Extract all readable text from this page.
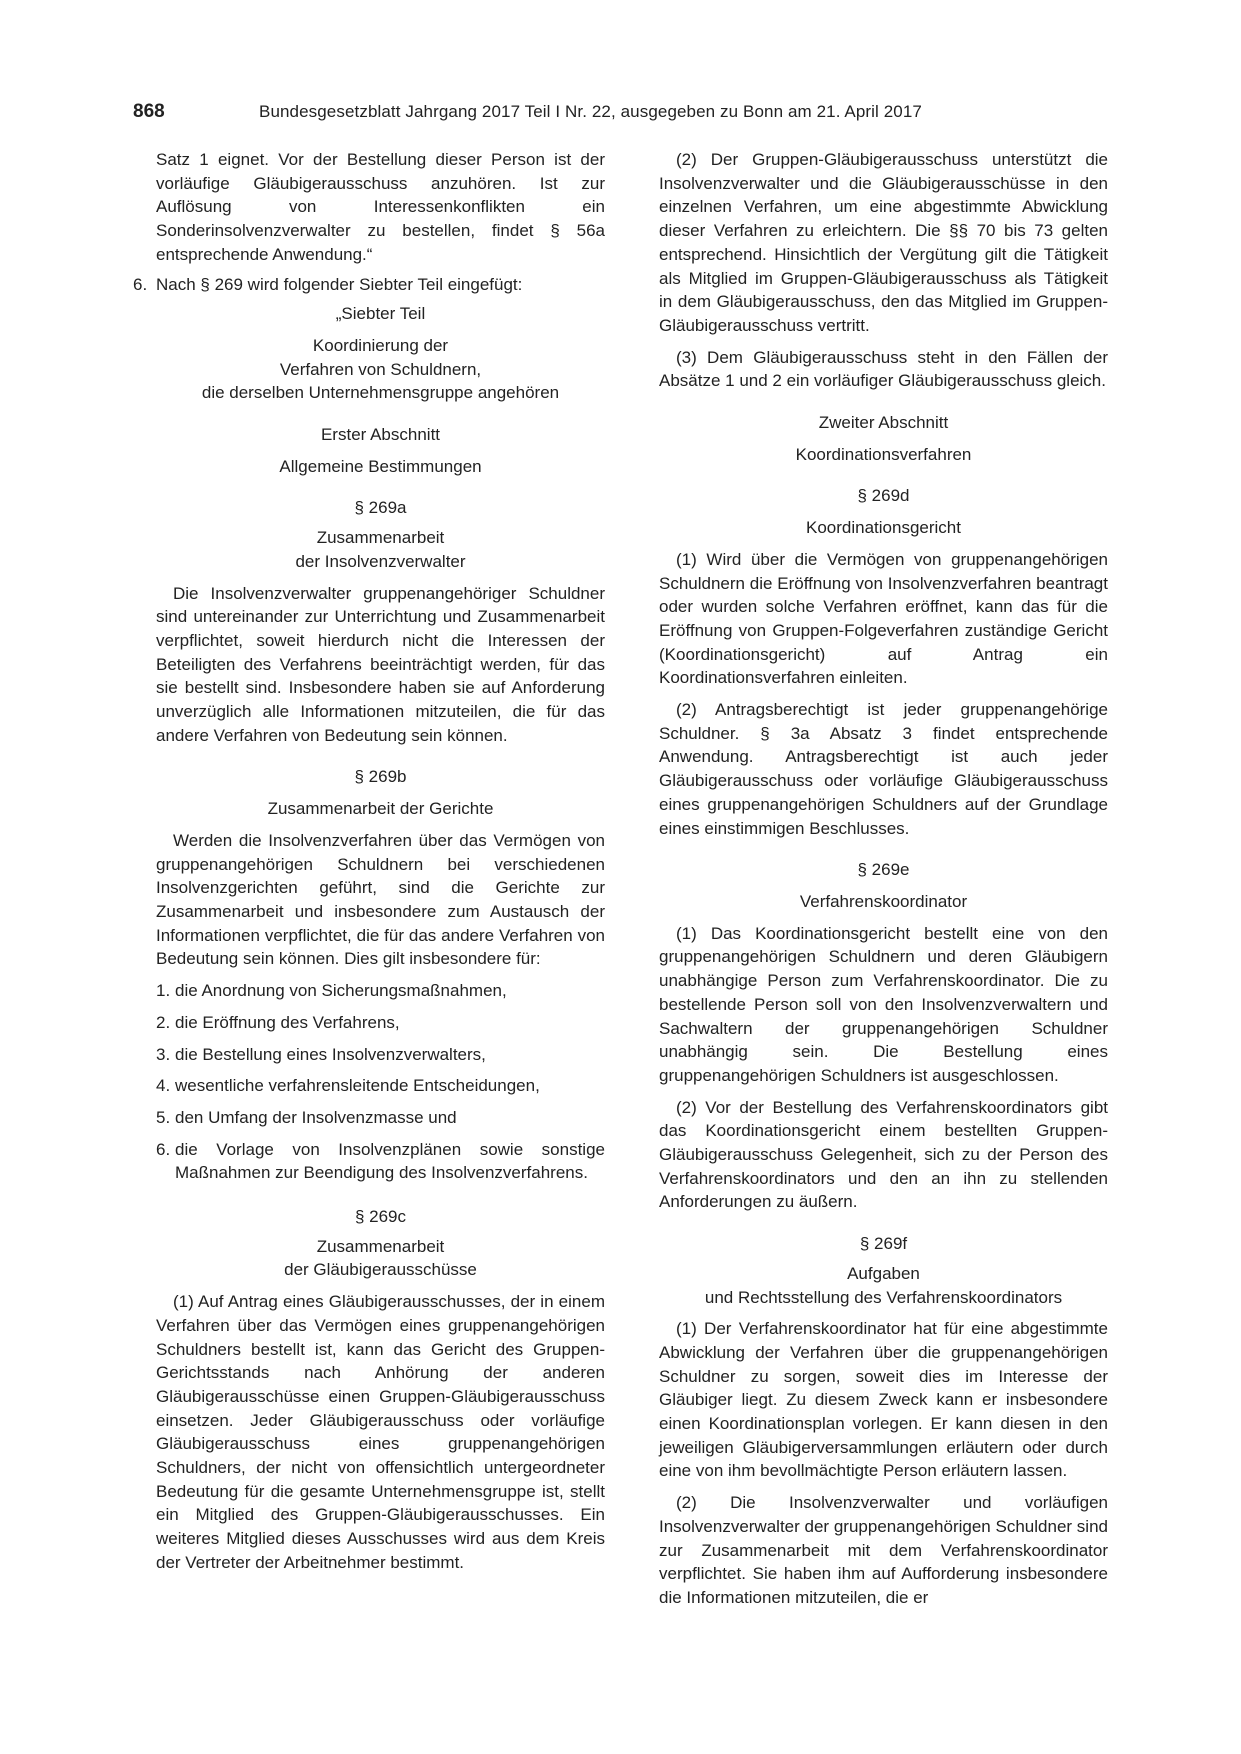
868	Bundesgesetzblatt Jahrgang 2017 Teil I Nr. 22, ausgegeben zu Bonn am 21. April 2017

Satz 1 eignet. Vor der Bestellung dieser Person ist der vorläufige Gläubigerausschuss anzuhören. Ist zur Auflösung von Interessenkonflikten ein Sonderinsolvenzverwalter zu bestellen, findet § 56a entsprechende Anwendung.“

6. Nach § 269 wird folgender Siebter Teil eingefügt:

„Siebter Teil

Koordinierung der

Verfahren von Schuldnern,

die derselben Unternehmensgruppe angehören

Erster Abschnitt

Allgemeine Bestimmungen

§ 269a

Zusammenarbeit

der Insolvenzverwalter

Die Insolvenzverwalter gruppenangehöriger Schuldner sind untereinander zur Unterrichtung und Zusammenarbeit verpflichtet, soweit hierdurch nicht die Interessen der Beteiligten des Verfahrens beeinträchtigt werden, für das sie bestellt sind. Insbesondere haben sie auf Anforderung unverzüglich alle Informationen mitzuteilen, die für das andere Verfahren von Bedeutung sein können.

§ 269b

Zusammenarbeit der Gerichte

Werden die Insolvenzverfahren über das Vermögen von gruppenangehörigen Schuldnern bei verschiedenen Insolvenzgerichten geführt, sind die Gerichte zur Zusammenarbeit und insbesondere zum Austausch der Informationen verpflichtet, die für das andere Verfahren von Bedeutung sein können. Dies gilt insbesondere für:

1. die Anordnung von Sicherungsmaßnahmen,
2. die Eröffnung des Verfahrens,
3. die Bestellung eines Insolvenzverwalters,
4. wesentliche verfahrensleitende Entscheidungen,
5. den Umfang der Insolvenzmasse und
6. die Vorlage von Insolvenzplänen sowie sonstige Maßnahmen zur Beendigung des Insolvenzverfahrens.

§ 269c

Zusammenarbeit

der Gläubigerausschüsse

(1) Auf Antrag eines Gläubigerausschusses, der in einem Verfahren über das Vermögen eines gruppenangehörigen Schuldners bestellt ist, kann das Gericht des Gruppen-Gerichtsstands nach Anhörung der anderen Gläubigerausschüsse einen Gruppen-Gläubigerausschuss einsetzen. Jeder Gläubigerausschuss oder vorläufige Gläubigerausschuss eines gruppenangehörigen Schuldners, der nicht von offensichtlich untergeordneter Bedeutung für die gesamte Unternehmensgruppe ist, stellt ein Mitglied des Gruppen-Gläubigerausschusses. Ein weiteres Mitglied dieses Ausschusses wird aus dem Kreis der Vertreter der Arbeitnehmer bestimmt.

(2) Der Gruppen-Gläubigerausschuss unterstützt die Insolvenzverwalter und die Gläubigerausschüsse in den einzelnen Verfahren, um eine abgestimmte Abwicklung dieser Verfahren zu erleichtern. Die §§ 70 bis 73 gelten entsprechend. Hinsichtlich der Vergütung gilt die Tätigkeit als Mitglied im Gruppen-Gläubigerausschuss als Tätigkeit in dem Gläubigerausschuss, den das Mitglied im Gruppen-Gläubigerausschuss vertritt.

(3) Dem Gläubigerausschuss steht in den Fällen der Absätze 1 und 2 ein vorläufiger Gläubigerausschuss gleich.

Zweiter Abschnitt

Koordinationsverfahren

§ 269d

Koordinationsgericht

(1) Wird über die Vermögen von gruppenangehörigen Schuldnern die Eröffnung von Insolvenzverfahren beantragt oder wurden solche Verfahren eröffnet, kann das für die Eröffnung von Gruppen-Folgeverfahren zuständige Gericht (Koordinationsgericht) auf Antrag ein Koordinationsverfahren einleiten.

(2) Antragsberechtigt ist jeder gruppenangehörige Schuldner. § 3a Absatz 3 findet entsprechende Anwendung. Antragsberechtigt ist auch jeder Gläubigerausschuss oder vorläufige Gläubigerausschuss eines gruppenangehörigen Schuldners auf der Grundlage eines einstimmigen Beschlusses.

§ 269e

Verfahrenskoordinator

(1) Das Koordinationsgericht bestellt eine von den gruppenangehörigen Schuldnern und deren Gläubigern unabhängige Person zum Verfahrenskoordinator. Die zu bestellende Person soll von den Insolvenzverwaltern und Sachwaltern der gruppenangehörigen Schuldner unabhängig sein. Die Bestellung eines gruppenangehörigen Schuldners ist ausgeschlossen.

(2) Vor der Bestellung des Verfahrenskoordinators gibt das Koordinationsgericht einem bestellten Gruppen-Gläubigerausschuss Gelegenheit, sich zu der Person des Verfahrenskoordinators und den an ihn zu stellenden Anforderungen zu äußern.

§ 269f

Aufgaben

und Rechtsstellung des Verfahrenskoordinators

(1) Der Verfahrenskoordinator hat für eine abgestimmte Abwicklung der Verfahren über die gruppenangehörigen Schuldner zu sorgen, soweit dies im Interesse der Gläubiger liegt. Zu diesem Zweck kann er insbesondere einen Koordinationsplan vorlegen. Er kann diesen in den jeweiligen Gläubigerversammlungen erläutern oder durch eine von ihm bevollmächtigte Person erläutern lassen.

(2) Die Insolvenzverwalter und vorläufigen Insolvenzverwalter der gruppenangehörigen Schuldner sind zur Zusammenarbeit mit dem Verfahrenskoordinator verpflichtet. Sie haben ihm auf Aufforderung insbesondere die Informationen mitzuteilen, die er
